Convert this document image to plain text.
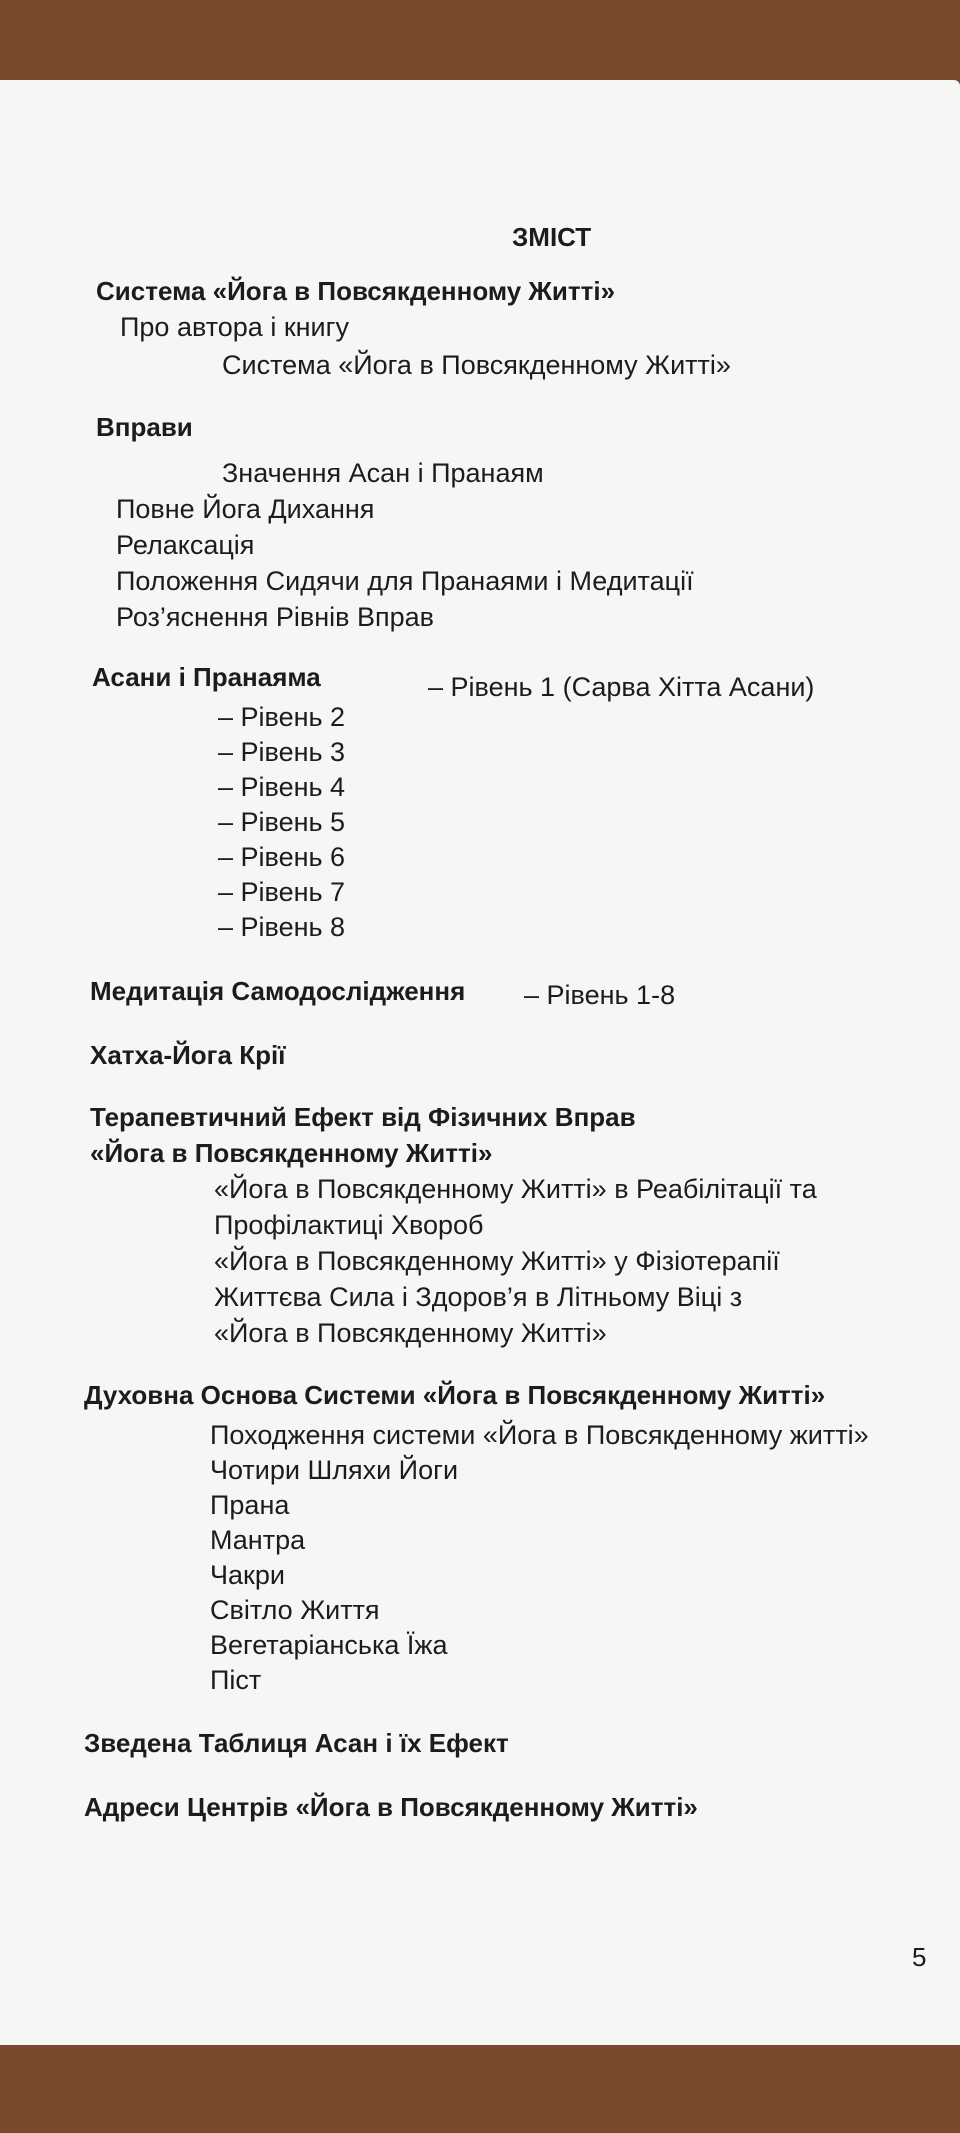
ЗМІСТ
Система «Йога в Повсякденному Житті»
Про автора і книгу
Система «Йога в Повсякденному Житті»
Вправи
Значення Асан і Пранаям
Повне Йога Дихання
Релаксація
Положення Сидячи для Пранаями і Медитації
Роз’яснення Рівнів Вправ
Асани і Пранаяма	– Рівень 1 (Сарва Хітта Асани)
– Рівень 2
– Рівень 3
– Рівень 4
– Рівень 5
– Рівень 6
– Рівень 7
– Рівень 8
Медитація Самодослідження – Рівень 1-8
Хатха-Йога Крії
Терапевтичний Ефект від Фізичних Вправ
«Йога в Повсякденному Житті»
«Йога в Повсякденному Житті» в Реабілітації та
Профілактиці Хвороб
«Йога в Повсякденному Житті» у Фізіотерапії
Життєва Сила і Здоров’я в Літньому Віці з
«Йога в Повсякденному Житті»
Духовна Основа Системи «Йога в Повсякденному Житті»
Походження системи «Йога в Повсякденному житті»
Чотири Шляхи Йоги
Прана
Мантра
Чакри
Світло Життя
Вегетаріанська Їжа
Піст
Зведена Таблиця Асан і їх Ефект
Адреси Центрів «Йога в Повсякденному Житті»
5
